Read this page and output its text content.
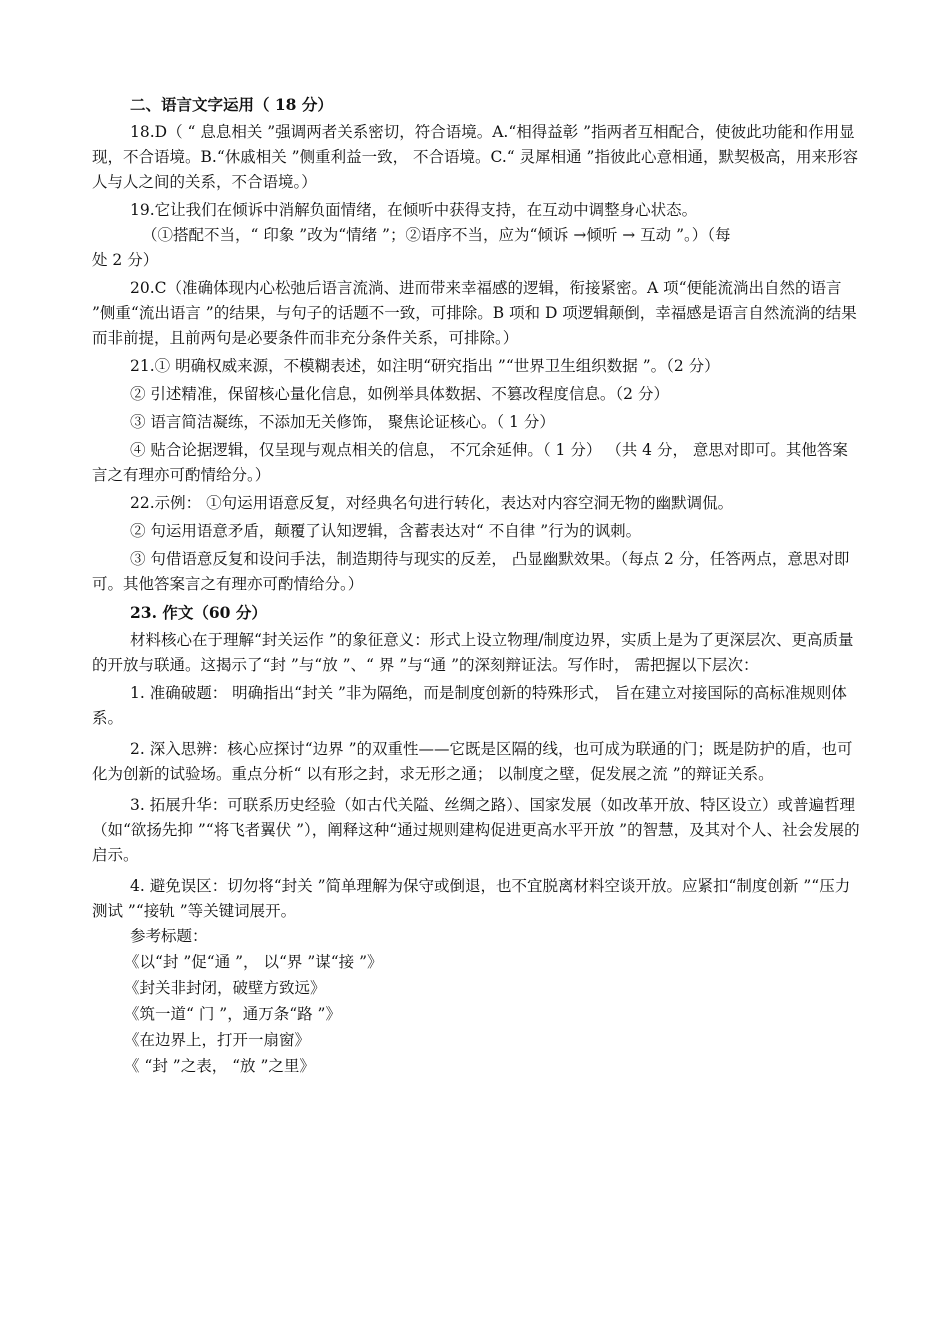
二、语言文字运用（ 18 分）

18.D（ “ 息息相关 ”强调两者关系密切，符合语境。A.“相得益彰 ”指两者互相配合，使彼此功能和作用显现，不合语境。B.“休戚相关 ”侧重利益一致， 不合语境。C.“ 灵犀相通 ”指彼此心意相通，默契极高，用来形容人与人之间的关系，不合语境。）

19.它让我们在倾诉中消解负面情绪，在倾听中获得支持，在互动中调整身心状态。

（①搭配不当，“ 印象 ”改为“情绪 ”；②语序不当，应为“倾诉 →倾听 → 互动 ”。）（每

处 2 分）

20.C（准确体现内心松弛后语言流淌、进而带来幸福感的逻辑，衔接紧密。A 项“便能流淌出自然的语言 ”侧重“流出语言 ”的结果，与句子的话题不一致，可排除。B 项和 D 项逻辑颠倒，幸福感是语言自然流淌的结果而非前提，且前两句是必要条件而非充分条件关系，可排除。）

21.① 明确权威来源，不模糊表述，如注明“研究指出 ”“世界卫生组织数据 ”。（2 分）

② 引述精准，保留核心量化信息，如例举具体数据、不篡改程度信息。（2 分）

③ 语言简洁凝练，不添加无关修饰， 聚焦论证核心。（ 1 分）

④ 贴合论据逻辑，仅呈现与观点相关的信息， 不冗余延伸。（ 1 分） （共 4 分， 意思对即可。其他答案言之有理亦可酌情给分。）

22.示例： ①句运用语意反复，对经典名句进行转化，表达对内容空洞无物的幽默调侃。

② 句运用语意矛盾，颠覆了认知逻辑，含蓄表达对“ 不自律 ”行为的讽刺。

③ 句借语意反复和设问手法，制造期待与现实的反差， 凸显幽默效果。（每点 2 分，任答两点，意思对即可。其他答案言之有理亦可酌情给分。）

23. 作文（60 分）

材料核心在于理解“封关运作 ”的象征意义：形式上设立物理/制度边界，实质上是为了更深层次、更高质量的开放与联通。这揭示了“封 ”与“放 ”、“ 界 ”与“通 ”的深刻辩证法。写作时， 需把握以下层次：

1. 准确破题： 明确指出“封关 ”非为隔绝，而是制度创新的特殊形式， 旨在建立对接国际的高标准规则体系。

2. 深入思辨：核心应探讨“边界 ”的双重性——它既是区隔的线，也可成为联通的门；既是防护的盾，也可化为创新的试验场。重点分析“ 以有形之封，求无形之通； 以制度之壁，促发展之流 ”的辩证关系。

3. 拓展升华：可联系历史经验（如古代关隘、丝绸之路）、国家发展（如改革开放、特区设立）或普遍哲理（如“欲扬先抑 ”“将飞者翼伏 ”），阐释这种“通过规则建构促进更高水平开放 ”的智慧，及其对个人、社会发展的启示。

4. 避免误区：切勿将“封关 ”简单理解为保守或倒退，也不宜脱离材料空谈开放。应紧扣“制度创新 ”“压力测试 ”“接轨 ”等关键词展开。

参考标题：

《以“封 ”促“通 ”， 以“界 ”谋“接 ”》

《封关非封闭，破壁方致远》

《筑一道“ 门 ”，通万条“路 ”》

《在边界上，打开一扇窗》

《 “封 ”之表， “放 ”之里》
